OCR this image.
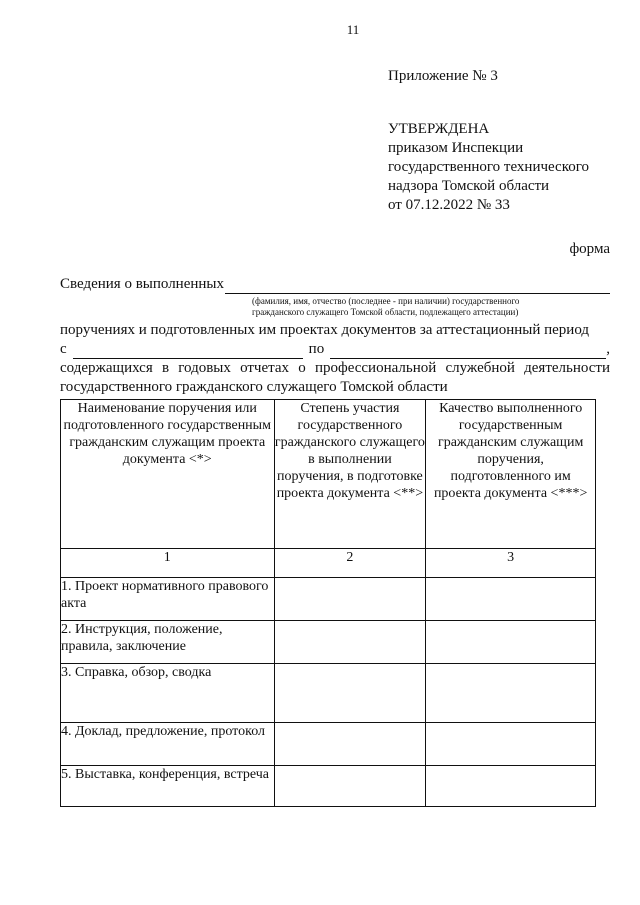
11
Приложение № 3
УТВЕРЖДЕНА
приказом Инспекции
государственного технического
надзора Томской области
от 07.12.2022 № 33
форма
Сведения о выполненных
(фамилия, имя, отчество (последнее - при наличии) государственного
гражданского служащего Томской области, подлежащего аттестации)
поручениях и подготовленных им проектах документов за аттестационный период
с	по	,
содержащихся в годовых отчетах о профессиональной служебной деятельности
государственного гражданского служащего Томской области
Наименование поручения или подготовленного государственным гражданским служащим проекта документа <*>	Степень участия государственного гражданского служащего в выполнении поручения, в подготовке проекта документа <**>	Качество выполненного государственным гражданским служащим поручения, подготовленного им проекта документа <***>
1	2	3
1. Проект нормативного правового акта		
2. Инструкция, положение, правила, заключение		
3. Справка, обзор, сводка		
4. Доклад, предложение, протокол		
5. Выставка, конференция, встреча		
